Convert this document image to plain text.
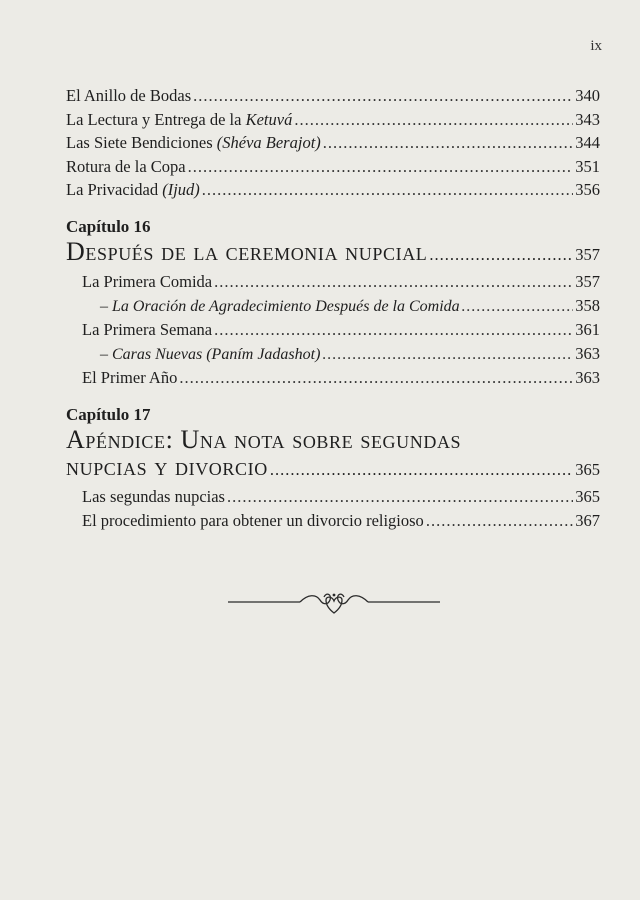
ix
El Anillo de Bodas .....	340
La Lectura y Entrega de la Ketuvá .....	343
Las Siete Bendiciones (Shéva Berajot) .....	344
Rotura de la Copa .....	351
La Privacidad (Ijud) .....	356
Capítulo 16
Después de la ceremonia nupcial .....	357
La Primera Comida .....	357
– La Oración de Agradecimiento Después de la Comida .....	358
La Primera Semana .....	361
– Caras Nuevas (Paním Jadashot) .....	363
El Primer Año .....	363
Capítulo 17
Apéndice: Una nota sobre segundas
nupcias y divorcio .....	365
Las segundas nupcias .....	365
El procedimiento para obtener un divorcio religioso .....	367
